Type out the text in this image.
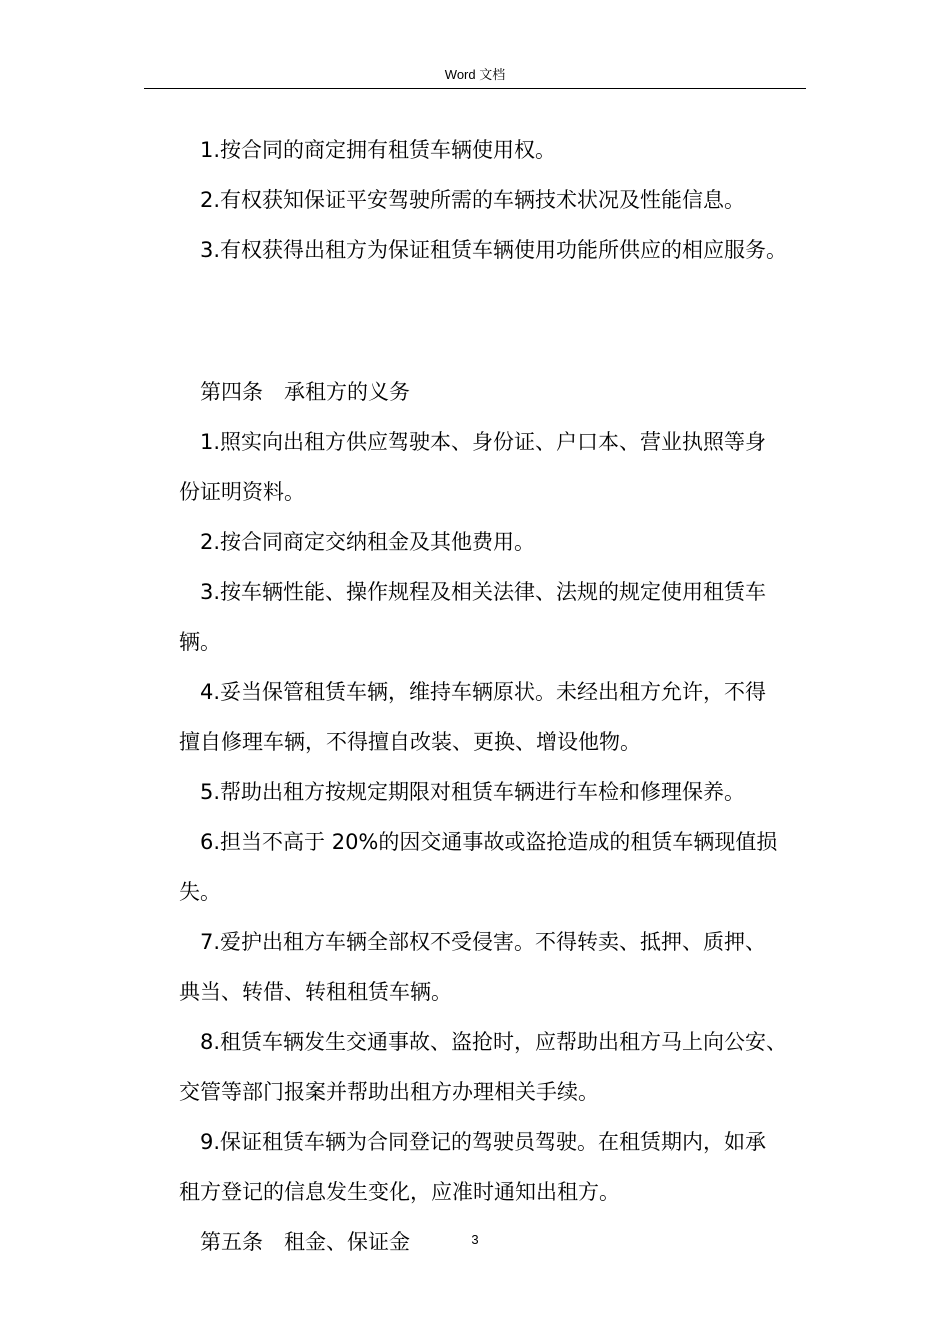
Word 文档

1.按合同的商定拥有租赁车辆使用权。

2.有权获知保证平安驾驶所需的车辆技术状况及性能信息。

3.有权获得出租方为保证租赁车辆使用功能所供应的相应服务。

第四条　承租方的义务

1.照实向出租方供应驾驶本、身份证、户口本、营业执照等身

份证明资料。

2.按合同商定交纳租金及其他费用。

3.按车辆性能、操作规程及相关法律、法规的规定使用租赁车

辆。

4.妥当保管租赁车辆，维持车辆原状。未经出租方允许，不得

擅自修理车辆，不得擅自改装、更换、增设他物。

5.帮助出租方按规定期限对租赁车辆进行车检和修理保养。

6.担当不高于 20%的因交通事故或盗抢造成的租赁车辆现值损

失。

7.爱护出租方车辆全部权不受侵害。不得转卖、抵押、质押、

典当、转借、转租租赁车辆。

8.租赁车辆发生交通事故、盗抢时，应帮助出租方马上向公安、

交管等部门报案并帮助出租方办理相关手续。

9.保证租赁车辆为合同登记的驾驶员驾驶。在租赁期内，如承

租方登记的信息发生变化，应准时通知出租方。

第五条　租金、保证金	3
